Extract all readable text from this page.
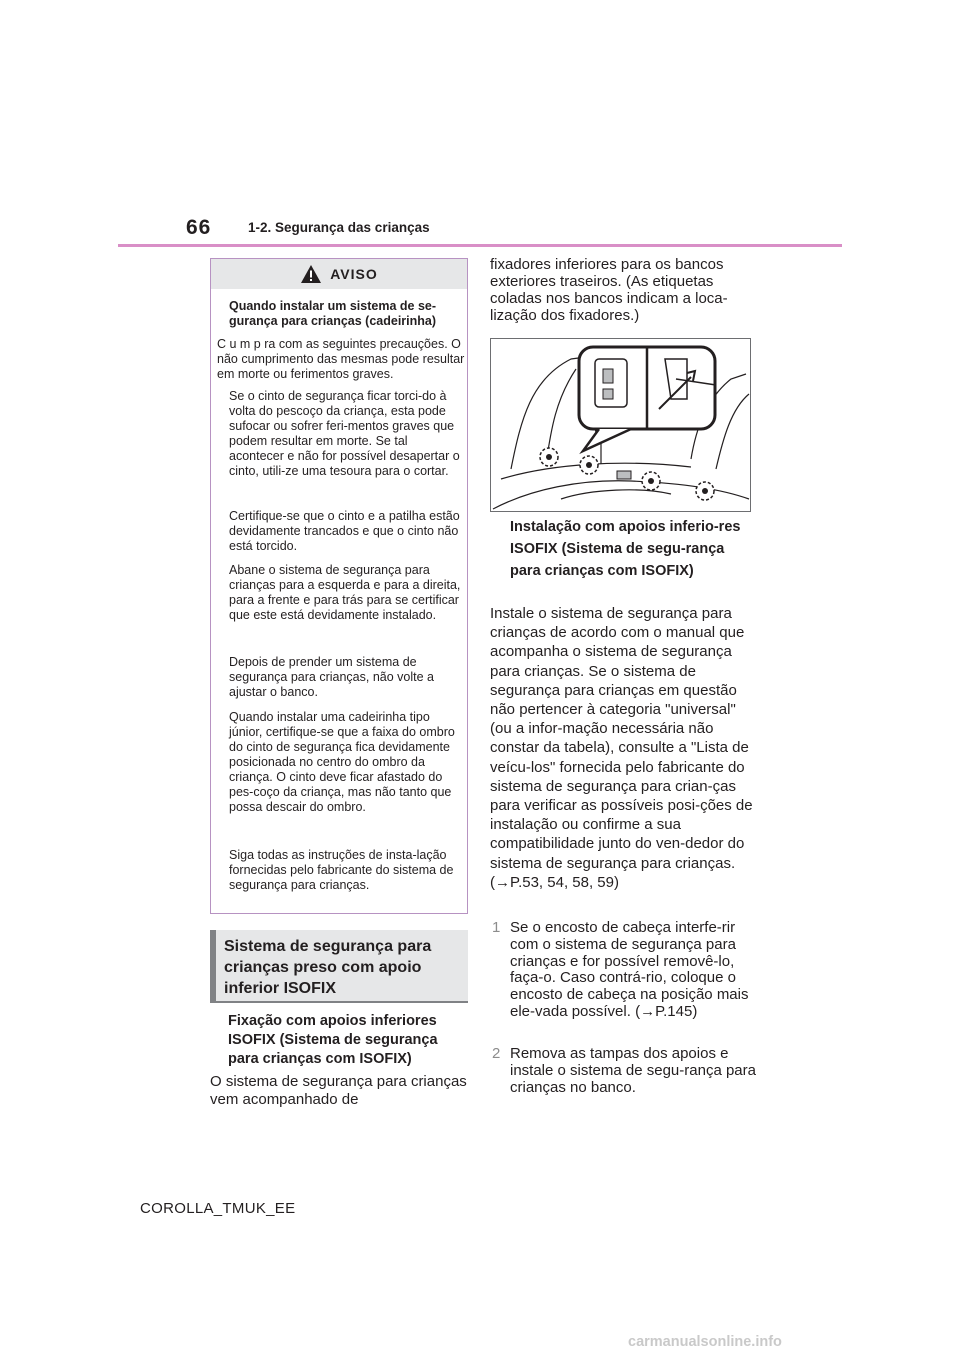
66	1-2. Segurança das crianças
AVISO
Quando instalar um sistema de se-gurança para crianças (cadeirinha)
C u m p ra com as seguintes precauções. O não cumprimento das mesmas pode resultar em morte ou ferimentos graves.
Se o cinto de segurança ficar torci-do à volta do pescoço da criança, esta pode sufocar ou sofrer feri-mentos graves que podem resultar em morte. Se tal acontecer e não for possível desapertar o cinto, utili-ze uma tesoura para o cortar.
Certifique-se que o cinto e a patilha estão devidamente trancados e que o cinto não está torcido.
Abane o sistema de segurança para crianças para a esquerda e para a direita, para a frente e para trás para se certificar que este está devidamente instalado.
Depois de prender um sistema de segurança para crianças, não volte a ajustar o banco.
Quando instalar uma cadeirinha tipo júnior, certifique-se que a faixa do ombro do cinto de segurança fica devidamente posicionada no centro do ombro da criança. O cinto deve ficar afastado do pes-coço da criança, mas não tanto que possa descair do ombro.
Siga todas as instruções de insta-lação fornecidas pelo fabricante do sistema de segurança para crianças.
Sistema de segurança para crianças preso com apoio inferior ISOFIX
Fixação com apoios inferiores ISOFIX (Sistema de segurança para crianças com ISOFIX)
O sistema de segurança para crianças vem acompanhado de
fixadores inferiores para os bancos exteriores traseiros. (As etiquetas coladas nos bancos indicam a loca-lização dos fixadores.)
Instalação com apoios inferio-res ISOFIX (Sistema de segu-rança para crianças com ISOFIX)
Instale o sistema de segurança para crianças de acordo com o manual que acompanha o sistema de segurança para crianças. Se o sistema de segurança para crianças em questão não pertencer à categoria "universal" (ou a infor-mação necessária não constar da tabela), consulte a "Lista de veícu-los" fornecida pelo fabricante do sistema de segurança para crian-ças para verificar as possíveis posi-ções de instalação ou confirme a sua compatibilidade junto do ven-dedor do sistema de segurança para crianças. (→P.53, 54, 58, 59)
1 Se o encosto de cabeça interfe-rir com o sistema de segurança para crianças e for possível removê-lo, faça-o. Caso contrá-rio, coloque o encosto de cabeça na posição mais ele-vada possível. (→P.145)
2 Remova as tampas dos apoios e instale o sistema de segu-rança para crianças no banco.
COROLLA_TMUK_EE
carmanualsonline.info
